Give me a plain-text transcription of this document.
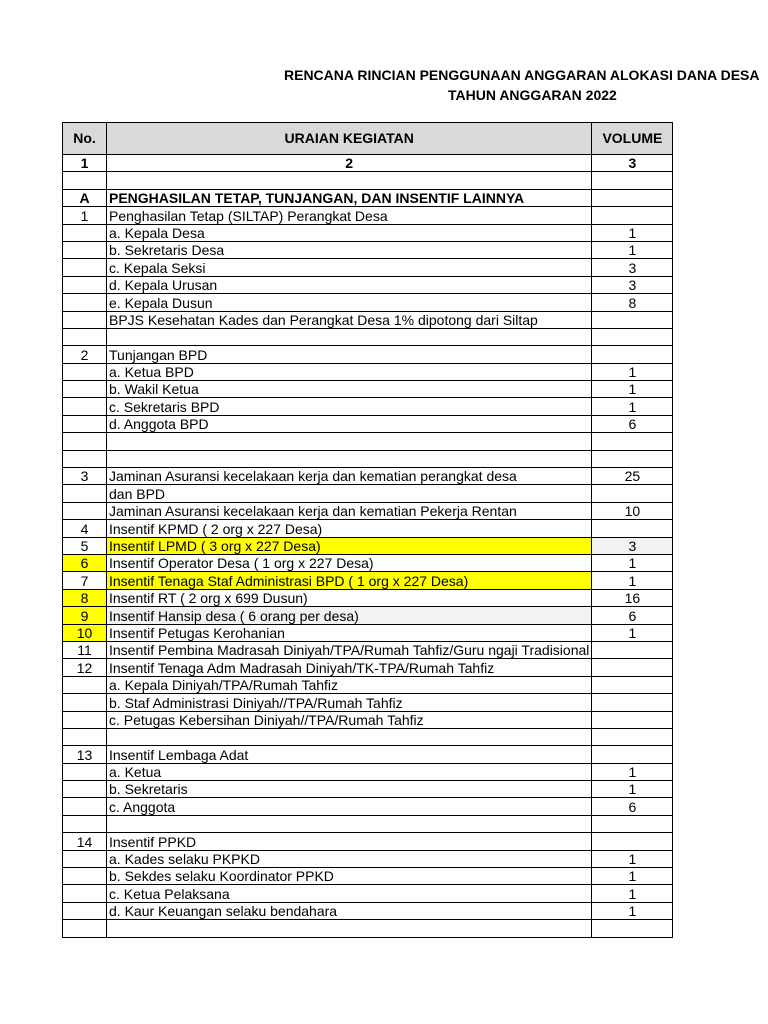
RENCANA RINCIAN PENGGUNAAN ANGGARAN ALOKASI DANA DESA
TAHUN ANGGARAN 2022
No.	URAIAN KEGIATAN	VOLUME
1	2	3

A	PENGHASILAN TETAP, TUNJANGAN, DAN INSENTIF LAINNYA	
1	Penghasilan Tetap (SILTAP) Perangkat Desa	
	a. Kepala Desa	1
	b. Sekretaris Desa	1
	c. Kepala Seksi	3
	d. Kepala Urusan	3
	e. Kepala Dusun	8
	BPJS Kesehatan Kades dan Perangkat Desa 1% dipotong dari Siltap	

2	Tunjangan BPD	
	a. Ketua BPD	1
	b. Wakil Ketua	1
	c. Sekretaris BPD	1
	d. Anggota BPD	6

3	Jaminan Asuransi kecelakaan kerja dan kematian perangkat desa	25
	dan BPD	
	Jaminan Asuransi kecelakaan kerja dan kematian Pekerja Rentan	10
4	Insentif KPMD ( 2 org x 227 Desa)	
5	Insentif LPMD ( 3 org x 227 Desa)	3
6	Insentif Operator Desa ( 1 org x 227 Desa)	1
7	Insentif Tenaga Staf Administrasi BPD ( 1 org x 227 Desa)	1
8	Insentif RT ( 2 org x 699 Dusun)	16
9	Insentif Hansip desa ( 6 orang per desa)	6
10	Insentif Petugas Kerohanian	1
11	Insentif Pembina Madrasah Diniyah/TPA/Rumah Tahfiz/Guru ngaji Tradisional	
12	Insentif Tenaga Adm Madrasah Diniyah/TK-TPA/Rumah Tahfiz	
	a. Kepala Diniyah/TPA/Rumah Tahfiz	
	b. Staf Administrasi Diniyah//TPA/Rumah Tahfiz	
	c. Petugas Kebersihan Diniyah//TPA/Rumah Tahfiz	

13	Insentif Lembaga Adat	
	a. Ketua	1
	b. Sekretaris	1
	c. Anggota	6

14	Insentif PPKD	
	a. Kades selaku PKPKD	1
	b. Sekdes selaku Koordinator PPKD	1
	c. Ketua Pelaksana	1
	d. Kaur Keuangan selaku bendahara	1
